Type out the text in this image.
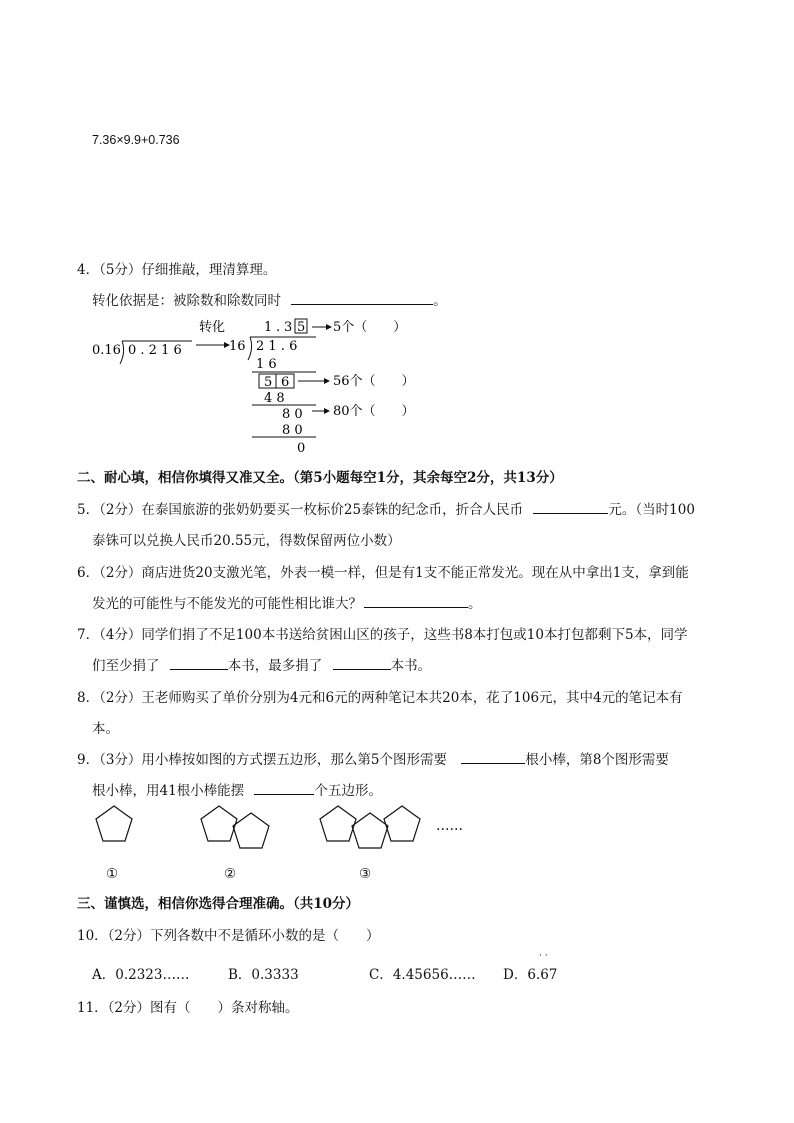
7.36×9.9+0.736
4．（5分）仔细推敲，理清算理。
转化依据是：被除数和除数同时	。
0.16 0 . 2 1 6
转化
16
1 . 3 5
2 1 . 6
1 6
5 6
4 8
8 0
8 0
0
5个（　　）
56个（　　）
80个（　　）
二、耐心填，相信你填得又准又全。（第5小题每空1分，其余每空2分，共13分）
5．（2分）在泰国旅游的张奶奶要买一枚标价25泰铢的纪念币，折合人民币	元。（当时100
泰铢可以兑换人民币20.55元，得数保留两位小数）
6．（2分）商店进货20支激光笔，外表一模一样，但是有1支不能正常发光。现在从中拿出1支，拿到能
发光的可能性与不能发光的可能性相比谁大？	。
7．（4分）同学们捐了不足100本书送给贫困山区的孩子，这些书8本打包或10本打包都剩下5本，同学
们至少捐了	本书，最多捐了	本书。
8．（2分）王老师购买了单价分别为4元和6元的两种笔记本共20本，花了106元，其中4元的笔记本有
本。
9．（3分）用小棒按如图的方式摆五边形，那么第5个图形需要	根小棒，第8个图形需要
根小棒，用41根小棒能摆	个五边形。
……
①	②	③
三、谨慎选，相信你选得合理准确。（共10分）
10．（2分）下列各数中不是循环小数的是（　　）
A．0.2323……	B．0.3333	C．4.45656…… D．6.67
··
11．（2分）图有（　　）条对称轴。
